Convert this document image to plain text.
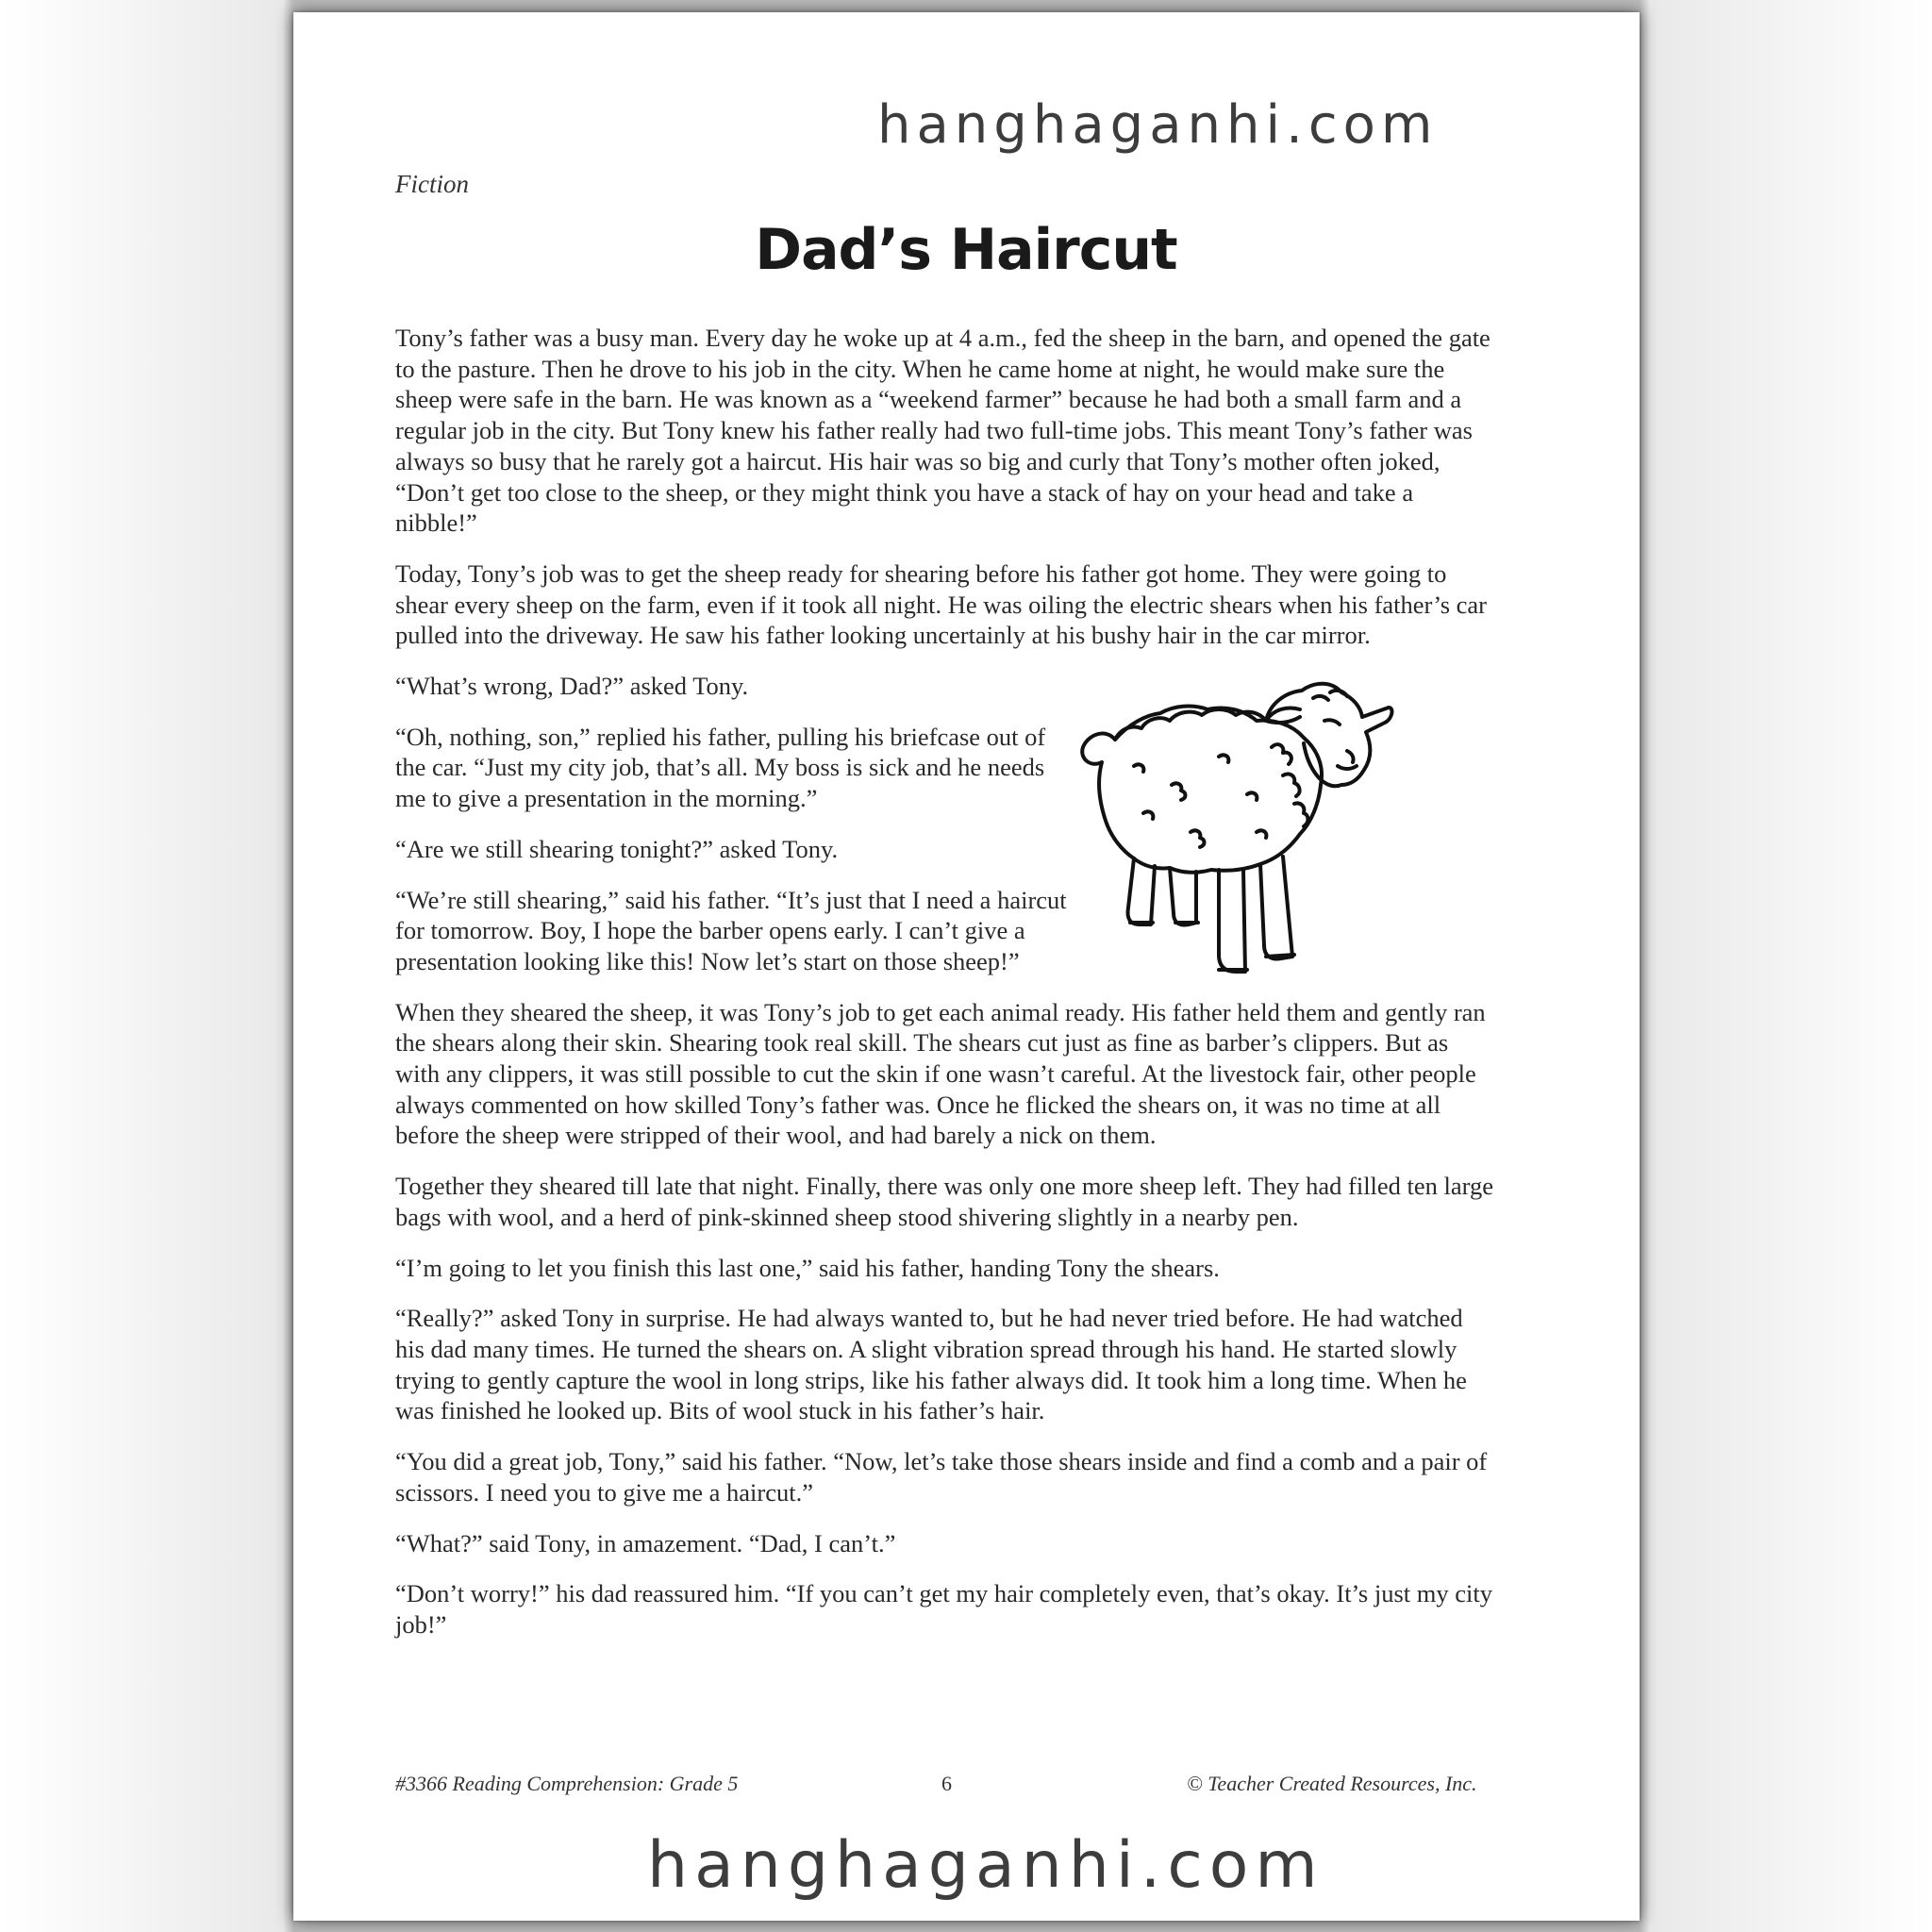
hanghaganhi.com
Fiction
Dad’s Haircut

Tony’s father was a busy man. Every day he woke up at 4 a.m., fed the sheep in the barn, and opened the gate to the pasture. Then he drove to his job in the city. When he came home at night, he would make sure the sheep were safe in the barn. He was known as a “weekend farmer” because he had both a small farm and a regular job in the city. But Tony knew his father really had two full-time jobs. This meant Tony’s father was always so busy that he rarely got a haircut. His hair was so big and curly that Tony’s mother often joked, “Don’t get too close to the sheep, or they might think you have a stack of hay on your head and take a nibble!”

Today, Tony’s job was to get the sheep ready for shearing before his father got home. They were going to shear every sheep on the farm, even if it took all night. He was oiling the electric shears when his father’s car pulled into the driveway. He saw his father looking uncertainly at his bushy hair in the car mirror.

“What’s wrong, Dad?” asked Tony.

“Oh, nothing, son,” replied his father, pulling his briefcase out of the car. “Just my city job, that’s all. My boss is sick and he needs me to give a presentation in the morning.”

“Are we still shearing tonight?” asked Tony.

“We’re still shearing,” said his father. “It’s just that I need a haircut for tomorrow. Boy, I hope the barber opens early. I can’t give a presentation looking like this! Now let’s start on those sheep!”

When they sheared the sheep, it was Tony’s job to get each animal ready. His father held them and gently ran the shears along their skin. Shearing took real skill. The shears cut just as fine as barber’s clippers. But as with any clippers, it was still possible to cut the skin if one wasn’t careful. At the livestock fair, other people always commented on how skilled Tony’s father was. Once he flicked the shears on, it was no time at all before the sheep were stripped of their wool, and had barely a nick on them.

Together they sheared till late that night. Finally, there was only one more sheep left. They had filled ten large bags with wool, and a herd of pink-skinned sheep stood shivering slightly in a nearby pen.

“I’m going to let you finish this last one,” said his father, handing Tony the shears.

“Really?” asked Tony in surprise. He had always wanted to, but he had never tried before. He had watched his dad many times. He turned the shears on. A slight vibration spread through his hand. He started slowly trying to gently capture the wool in long strips, like his father always did. It took him a long time. When he was finished he looked up. Bits of wool stuck in his father’s hair.

“You did a great job, Tony,” said his father. “Now, let’s take those shears inside and find a comb and a pair of scissors. I need you to give me a haircut.”

“What?” said Tony, in amazement. “Dad, I can’t.”

“Don’t worry!” his dad reassured him. “If you can’t get my hair completely even, that’s okay. It’s just my city job!”

#3366 Reading Comprehension: Grade 5	6	© Teacher Created Resources, Inc.
hanghaganhi.com
